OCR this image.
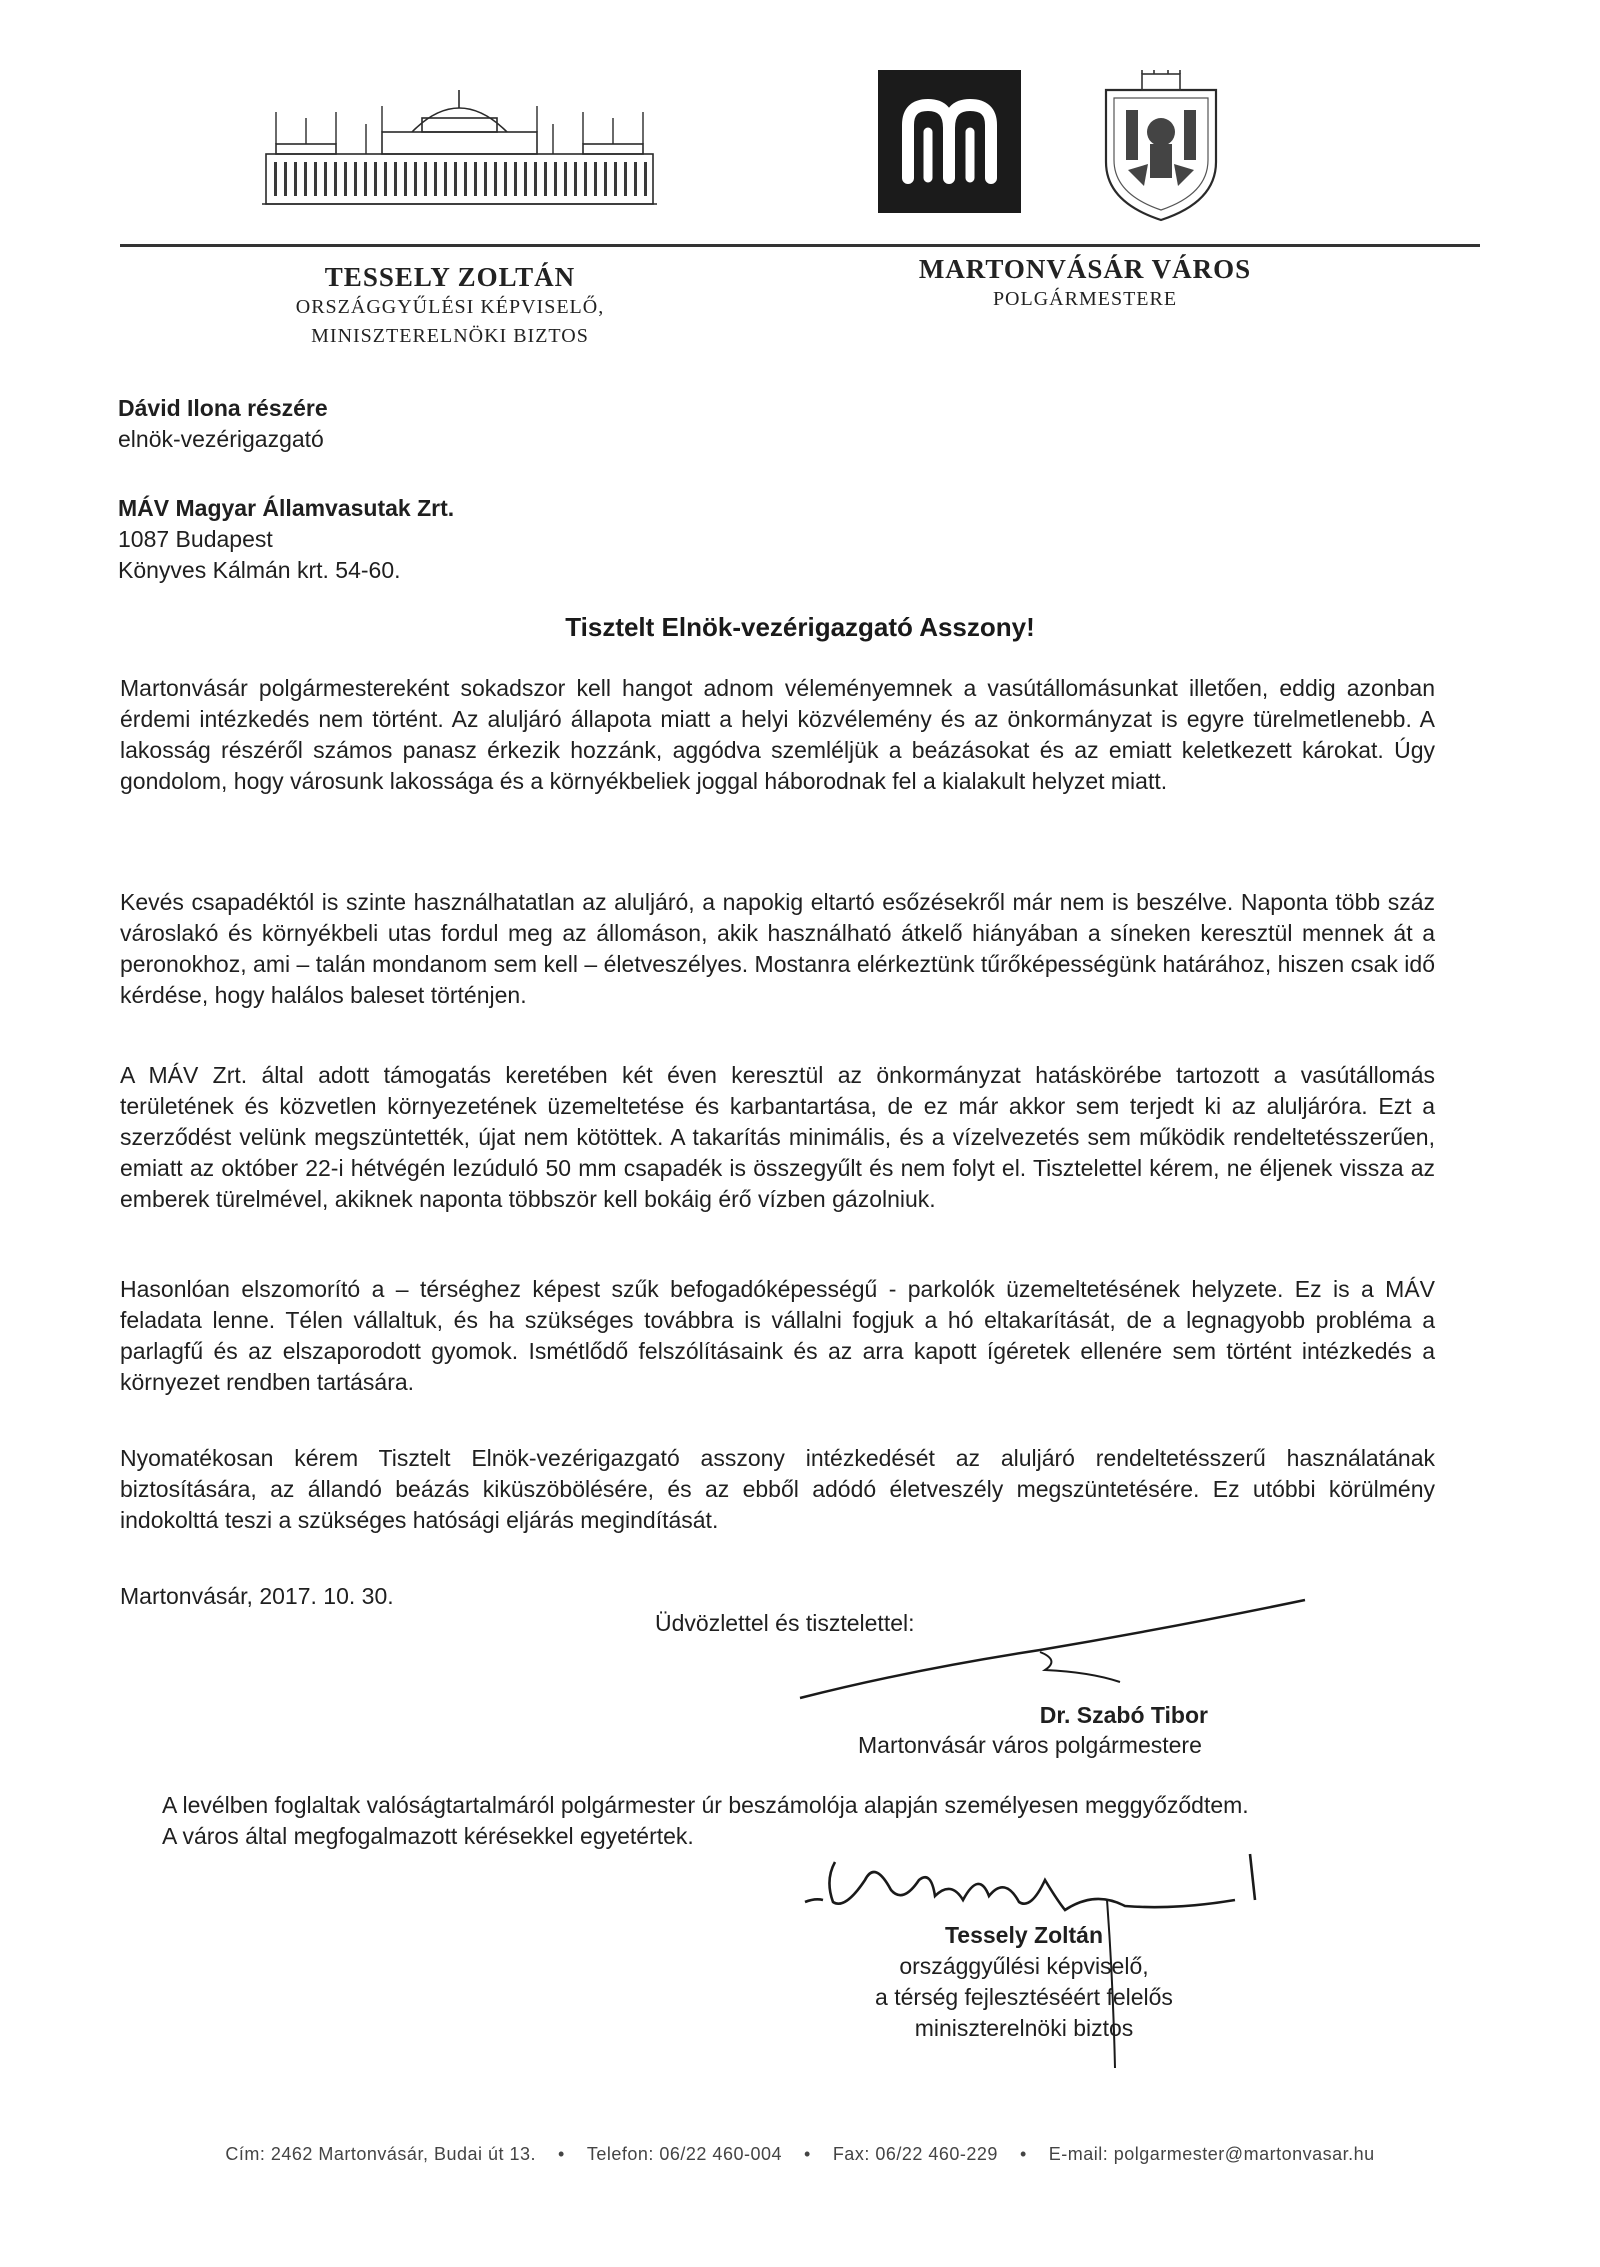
TESSELY ZOLTÁN
ORSZÁGGYŰLÉSI KÉPVISELŐ,
MINISZTERELNÖKI BIZTOS
MARTONVÁSÁR VÁROS
POLGÁRMESTERE
Dávid Ilona részére
elnök-vezérigazgató
MÁV Magyar Államvasutak Zrt.
1087 Budapest
Könyves Kálmán krt. 54-60.
Tisztelt Elnök-vezérigazgató Asszony!
Martonvásár polgármestereként sokadszor kell hangot adnom véleményemnek a vasútállomásunkat illetően, eddig azonban érdemi intézkedés nem történt. Az aluljáró állapota miatt a helyi közvélemény és az önkormányzat is egyre türelmetlenebb. A lakosság részéről számos panasz érkezik hozzánk, aggódva szemléljük a beázásokat és az emiatt keletkezett károkat. Úgy gondolom, hogy városunk lakossága és a környékbeliek joggal háborodnak fel a kialakult helyzet miatt.
Kevés csapadéktól is szinte használhatatlan az aluljáró, a napokig eltartó esőzésekről már nem is beszélve. Naponta több száz városlakó és környékbeli utas fordul meg az állomáson, akik használható átkelő hiányában a síneken keresztül mennek át a peronokhoz, ami – talán mondanom sem kell – életveszélyes. Mostanra elérkeztünk tűrőképességünk határához, hiszen csak idő kérdése, hogy halálos baleset történjen.
A MÁV Zrt. által adott támogatás keretében két éven keresztül az önkormányzat hatáskörébe tartozott a vasútállomás területének és közvetlen környezetének üzemeltetése és karbantartása, de ez már akkor sem terjedt ki az aluljáróra. Ezt a szerződést velünk megszüntették, újat nem kötöttek. A takarítás minimális, és a vízelvezetés sem működik rendeltetésszerűen, emiatt az október 22-i hétvégén lezúduló 50 mm csapadék is összegyűlt és nem folyt el. Tisztelettel kérem, ne éljenek vissza az emberek türelmével, akiknek naponta többször kell bokáig érő vízben gázolniuk.
Hasonlóan elszomorító a – térséghez képest szűk befogadóképességű - parkolók üzemeltetésének helyzete. Ez is a MÁV feladata lenne. Télen vállaltuk, és ha szükséges továbbra is vállalni fogjuk a hó eltakarítását, de a legnagyobb probléma a parlagfű és az elszaporodott gyomok. Ismétlődő felszólításaink és az arra kapott ígéretek ellenére sem történt intézkedés a környezet rendben tartására.
Nyomatékosan kérem Tisztelt Elnök-vezérigazgató asszony intézkedését az aluljáró rendeltetésszerű használatának biztosítására, az állandó beázás kiküszöbölésére, és az ebből adódó életveszély megszüntetésére. Ez utóbbi körülmény indokolttá teszi a szükséges hatósági eljárás megindítását.
Martonvásár, 2017. 10. 30.
Üdvözlettel és tisztelettel:
Dr. Szabó Tibor
Martonvásár város polgármestere
A levélben foglaltak valóságtartalmáról polgármester úr beszámolója alapján személyesen meggyőződtem.
A város által megfogalmazott kérésekkel egyetértek.
Tessely Zoltán
országgyűlési képviselő,
a térség fejlesztéséért felelős
miniszterelnöki biztos
Cím: 2462 Martonvásár, Budai út 13. • Telefon: 06/22 460-004 • Fax: 06/22 460-229 • E-mail: polgarmester@martonvasar.hu
